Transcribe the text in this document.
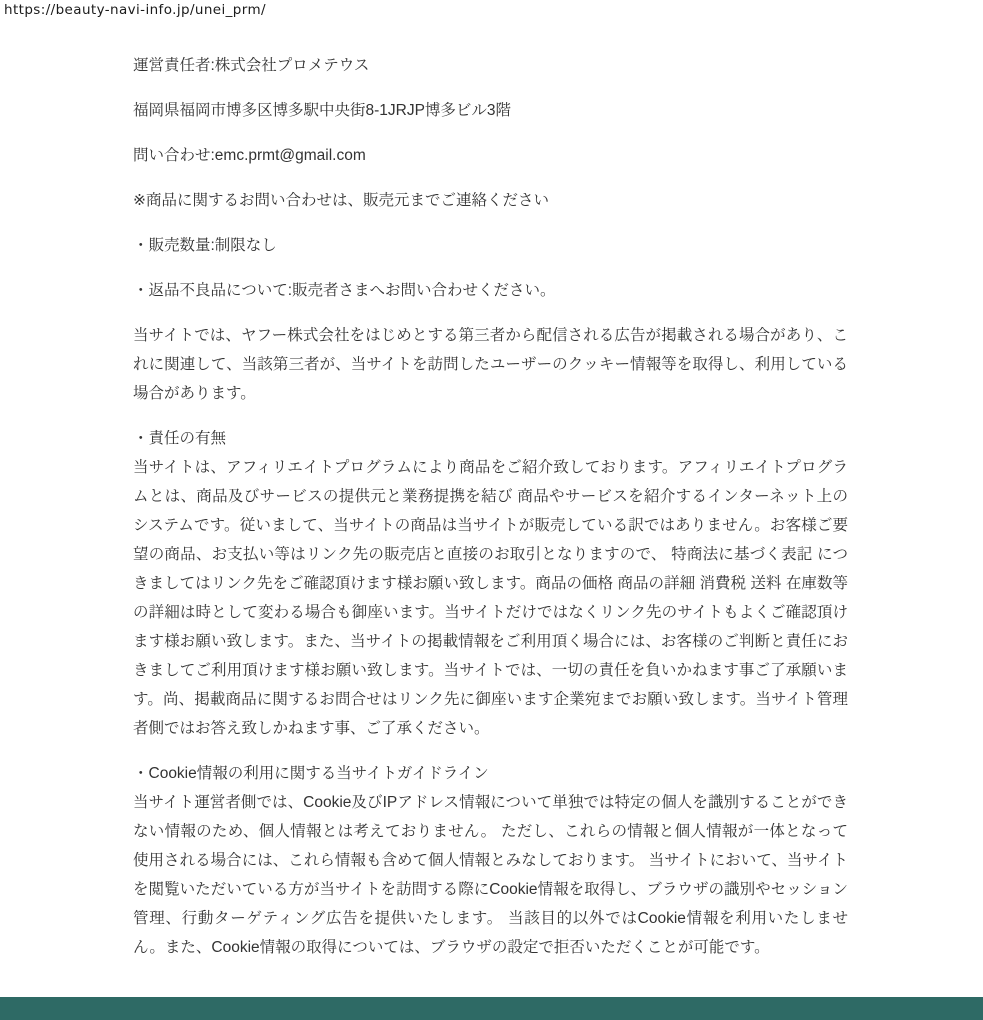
https://beauty-navi-info.jp/unei_prm/

運営責任者:株式会社プロメテウス

福岡県福岡市博多区博多駅中央街8-1JRJP博多ビル3階

問い合わせ:emc.prmt@gmail.com

※商品に関するお問い合わせは、販売元までご連絡ください

・販売数量:制限なし

・返品不良品について:販売者さまへお問い合わせください。

当サイトでは、ヤフー株式会社をはじめとする第三者から配信される広告が掲載される場合があり、これに関連して、当該第三者が、当サイトを訪問したユーザーのクッキー情報等を取得し、利用している場合があります。

・責任の有無
当サイトは、アフィリエイトプログラムにより商品をご紹介致しております。アフィリエイトプログラムとは、商品及びサービスの提供元と業務提携を結び 商品やサービスを紹介するインターネット上のシステムです。従いまして、当サイトの商品は当サイトが販売している訳ではありません。お客様ご要望の商品、お支払い等はリンク先の販売店と直接のお取引となりますので、 特商法に基づく表記 につきましてはリンク先をご確認頂けます様お願い致します。商品の価格 商品の詳細 消費税 送料 在庫数等の詳細は時として変わる場合も御座います。当サイトだけではなくリンク先のサイトもよくご確認頂けます様お願い致します。また、当サイトの掲載情報をご利用頂く場合には、お客様のご判断と責任におきましてご利用頂けます様お願い致します。当サイトでは、一切の責任を負いかねます事ご了承願います。尚、掲載商品に関するお問合せはリンク先に御座います企業宛までお願い致します。当サイト管理者側ではお答え致しかねます事、ご了承ください。

・Cookie情報の利用に関する当サイトガイドライン
当サイト運営者側では、Cookie及びIPアドレス情報について単独では特定の個人を識別することができない情報のため、個人情報とは考えておりません。 ただし、これらの情報と個人情報が一体となって使用される場合には、これら情報も含めて個人情報とみなしております。 当サイトにおいて、当サイトを閲覧いただいている方が当サイトを訪問する際にCookie情報を取得し、ブラウザの識別やセッション管理、行動ターゲティング広告を提供いたします。 当該目的以外ではCookie情報を利用いたしません。また、Cookie情報の取得については、ブラウザの設定で拒否いただくことが可能です。
